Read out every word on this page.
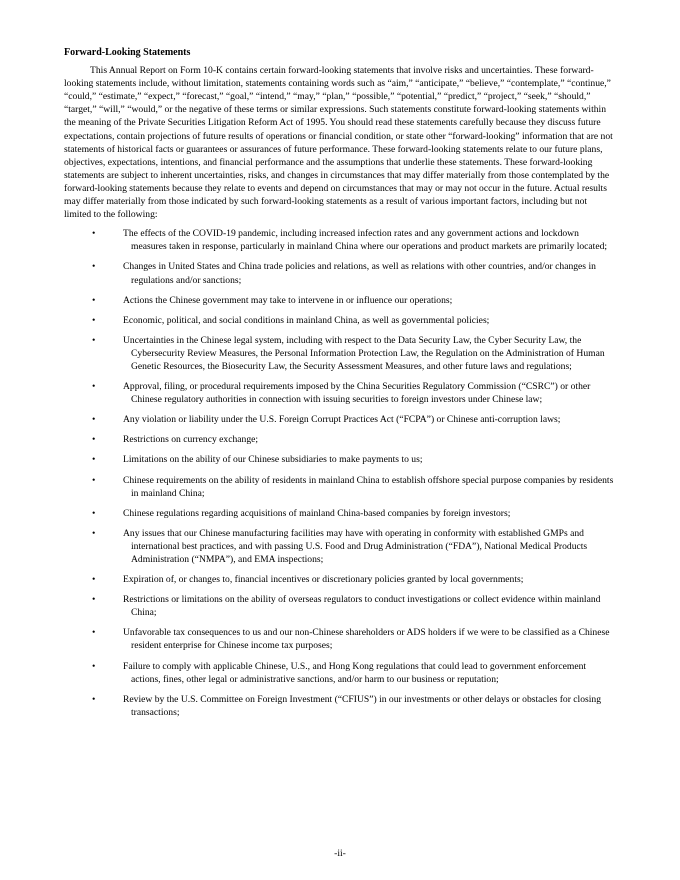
Forward-Looking Statements

This Annual Report on Form 10-K contains certain forward-looking statements that involve risks and uncertainties. These forward-looking statements include, without limitation, statements containing words such as “aim,” “anticipate,” “believe,” “contemplate,” “continue,” “could,” “estimate,” “expect,” “forecast,” “goal,” “intend,” “may,” “plan,” “possible,” “potential,” “predict,” “project,” “seek,” “should,” “target,” “will,” “would,” or the negative of these terms or similar expressions. Such statements constitute forward-looking statements within the meaning of the Private Securities Litigation Reform Act of 1995. You should read these statements carefully because they discuss future expectations, contain projections of future results of operations or financial condition, or state other “forward-looking” information that are not statements of historical facts or guarantees or assurances of future performance. These forward-looking statements relate to our future plans, objectives, expectations, intentions, and financial performance and the assumptions that underlie these statements. These forward-looking statements are subject to inherent uncertainties, risks, and changes in circumstances that may differ materially from those contemplated by the forward-looking statements because they relate to events and depend on circumstances that may or may not occur in the future. Actual results may differ materially from those indicated by such forward-looking statements as a result of various important factors, including but not limited to the following:

•	The effects of the COVID-19 pandemic, including increased infection rates and any government actions and lockdown measures taken in response, particularly in mainland China where our operations and product markets are primarily located;
•	Changes in United States and China trade policies and relations, as well as relations with other countries, and/or changes in regulations and/or sanctions;
•	Actions the Chinese government may take to intervene in or influence our operations;
•	Economic, political, and social conditions in mainland China, as well as governmental policies;
•	Uncertainties in the Chinese legal system, including with respect to the Data Security Law, the Cyber Security Law, the Cybersecurity Review Measures, the Personal Information Protection Law, the Regulation on the Administration of Human Genetic Resources, the Biosecurity Law, the Security Assessment Measures, and other future laws and regulations;
•	Approval, filing, or procedural requirements imposed by the China Securities Regulatory Commission (“CSRC”) or other Chinese regulatory authorities in connection with issuing securities to foreign investors under Chinese law;
•	Any violation or liability under the U.S. Foreign Corrupt Practices Act (“FCPA”) or Chinese anti-corruption laws;
•	Restrictions on currency exchange;
•	Limitations on the ability of our Chinese subsidiaries to make payments to us;
•	Chinese requirements on the ability of residents in mainland China to establish offshore special purpose companies by residents in mainland China;
•	Chinese regulations regarding acquisitions of mainland China-based companies by foreign investors;
•	Any issues that our Chinese manufacturing facilities may have with operating in conformity with established GMPs and international best practices, and with passing U.S. Food and Drug Administration (“FDA”), National Medical Products Administration (“NMPA”), and EMA inspections;
•	Expiration of, or changes to, financial incentives or discretionary policies granted by local governments;
•	Restrictions or limitations on the ability of overseas regulators to conduct investigations or collect evidence within mainland China;
•	Unfavorable tax consequences to us and our non-Chinese shareholders or ADS holders if we were to be classified as a Chinese resident enterprise for Chinese income tax purposes;
•	Failure to comply with applicable Chinese, U.S., and Hong Kong regulations that could lead to government enforcement actions, fines, other legal or administrative sanctions, and/or harm to our business or reputation;
•	Review by the U.S. Committee on Foreign Investment (“CFIUS”) in our investments or other delays or obstacles for closing transactions;
-ii-
